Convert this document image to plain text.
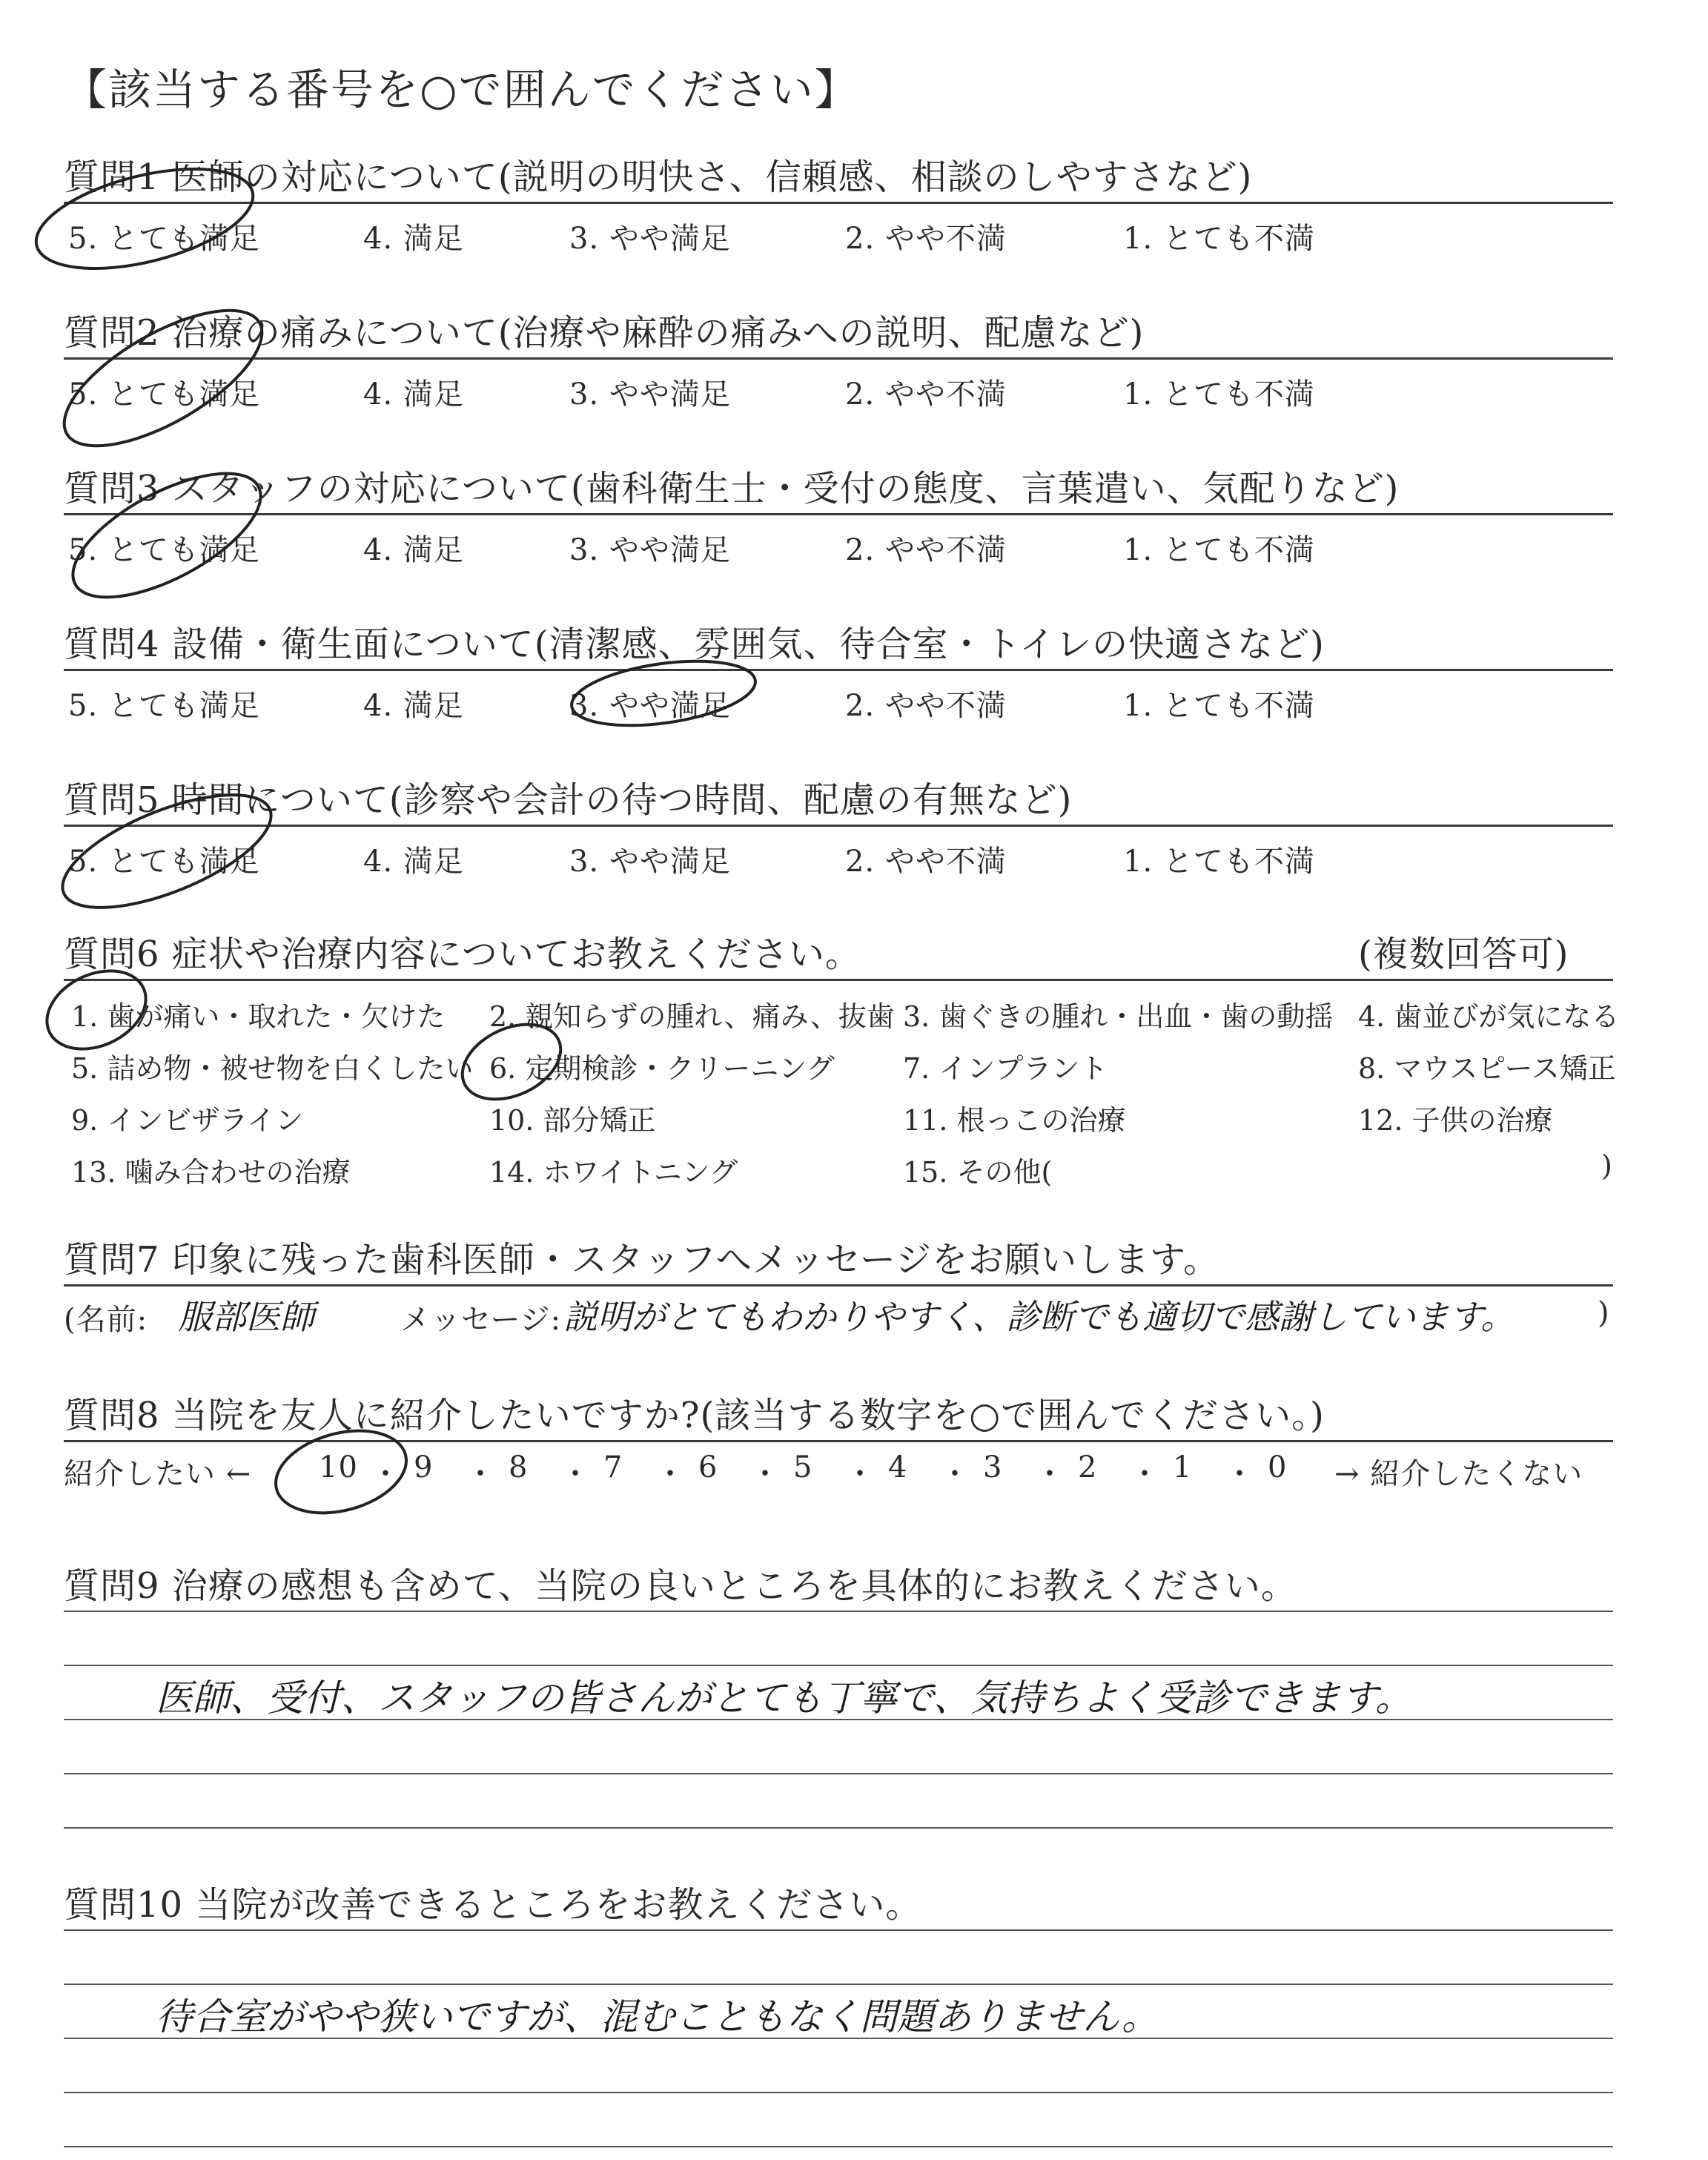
【該当する番号を○で囲んでください】
質問1 医師の対応について(説明の明快さ、信頼感、相談のしやすさなど)
5. とても満足	4. 満足	3. やや満足	2. やや不満	1. とても不満
質問2 治療の痛みについて(治療や麻酔の痛みへの説明、配慮など)
5. とても満足	4. 満足	3. やや満足	2. やや不満	1. とても不満
質問3 スタッフの対応について(歯科衛生士・受付の態度、言葉遣い、気配りなど)
5. とても満足	4. 満足	3. やや満足	2. やや不満	1. とても不満
質問4 設備・衛生面について(清潔感、雰囲気、待合室・トイレの快適さなど)
5. とても満足	4. 満足	3. やや満足	2. やや不満	1. とても不満
質問5 時間について(診察や会計の待つ時間、配慮の有無など)
5. とても満足	4. 満足	3. やや満足	2. やや不満	1. とても不満
質問6 症状や治療内容についてお教えください。	(複数回答可)
1. 歯が痛い・取れた・欠けた 2. 親知らずの腫れ、痛み、抜歯 3. 歯ぐきの腫れ・出血・歯の動揺 4. 歯並びが気になる
5. 詰め物・被せ物を白くしたい 6. 定期検診・クリーニング 7. インプラント	8. マウスピース矯正
9. インビザライン	10. 部分矯正	11. 根っこの治療	12. 子供の治療
13. 噛み合わせの治療	14. ホワイトニング	15. その他(	)
質問7 印象に残った歯科医師・スタッフへメッセージをお願いします。
(名前: 服部医師	メッセージ: 説明がとてもわかりやすく、診断でも適切で感謝しています。	)
質問8 当院を友人に紹介したいですか?(該当する数字を○で囲んでください。)
紹介したい ← 10 ・ 9 ・ 8 ・ 7 ・ 6 ・ 5 ・ 4 ・ 3 ・ 2 ・ 1 ・ 0 → 紹介したくない
質問9 治療の感想も含めて、当院の良いところを具体的にお教えください。
医師、受付、スタッフの皆さんがとても丁寧で、気持ちよく受診できます。
質問10 当院が改善できるところをお教えください。
待合室がやや狭いですが、混むこともなく問題ありません。
